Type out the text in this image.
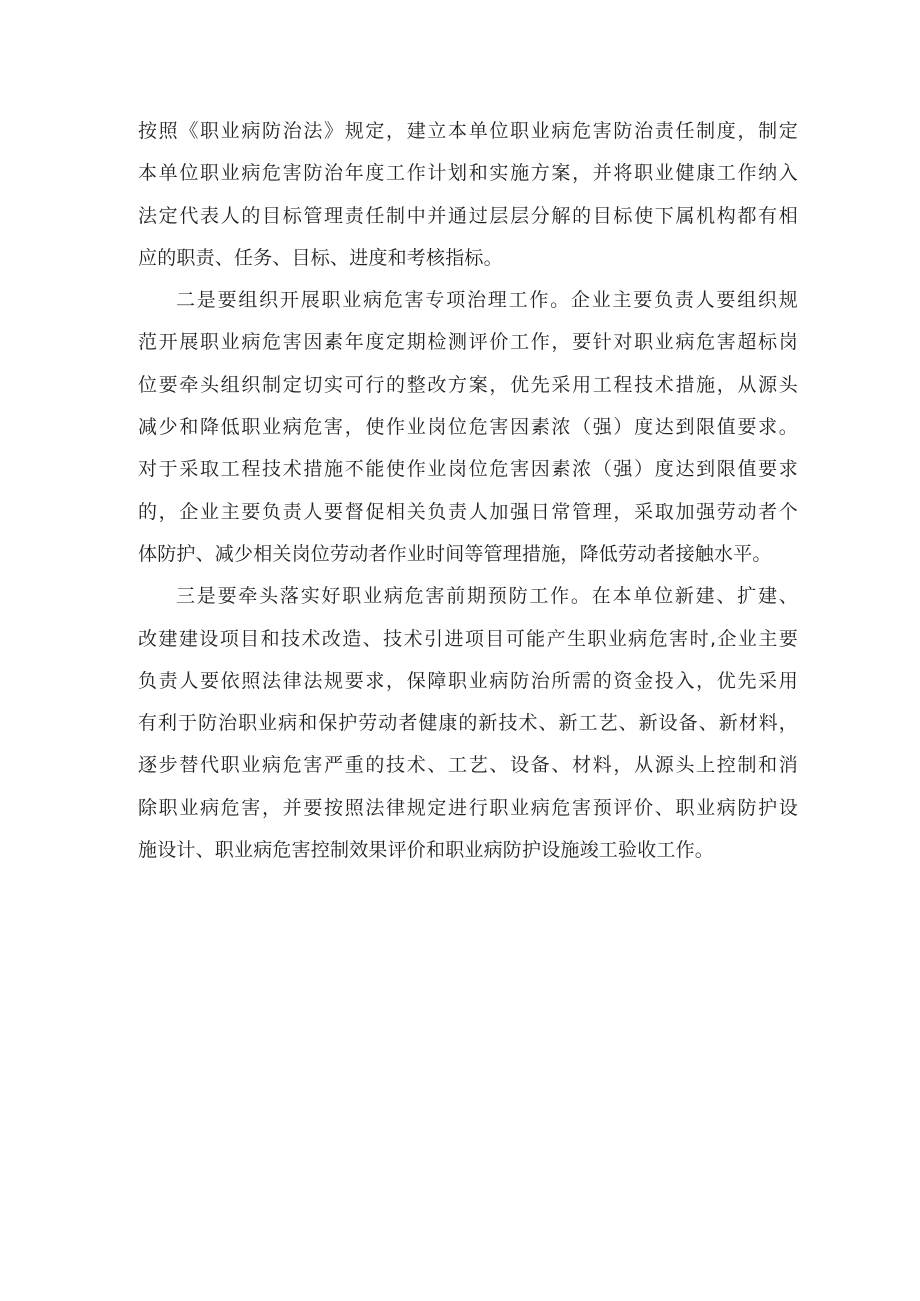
按照《职业病防治法》规定，建立本单位职业病危害防治责任制度，制定
本单位职业病危害防治年度工作计划和实施方案，并将职业健康工作纳入
法定代表人的目标管理责任制中并通过层层分解的目标使下属机构都有相
应的职责、任务、目标、进度和考核指标。
二是要组织开展职业病危害专项治理工作。企业主要负责人要组织规
范开展职业病危害因素年度定期检测评价工作，要针对职业病危害超标岗
位要牵头组织制定切实可行的整改方案，优先采用工程技术措施，从源头
减少和降低职业病危害，使作业岗位危害因素浓（强）度达到限值要求。
对于采取工程技术措施不能使作业岗位危害因素浓（强）度达到限值要求
的，企业主要负责人要督促相关负责人加强日常管理，采取加强劳动者个
体防护、减少相关岗位劳动者作业时间等管理措施，降低劳动者接触水平。
三是要牵头落实好职业病危害前期预防工作。在本单位新建、扩建、
改建建设项目和技术改造、技术引进项目可能产生职业病危害时,企业主要
负责人要依照法律法规要求，保障职业病防治所需的资金投入，优先采用
有利于防治职业病和保护劳动者健康的新技术、新工艺、新设备、新材料，
逐步替代职业病危害严重的技术、工艺、设备、材料，从源头上控制和消
除职业病危害，并要按照法律规定进行职业病危害预评价、职业病防护设
施设计、职业病危害控制效果评价和职业病防护设施竣工验收工作。
